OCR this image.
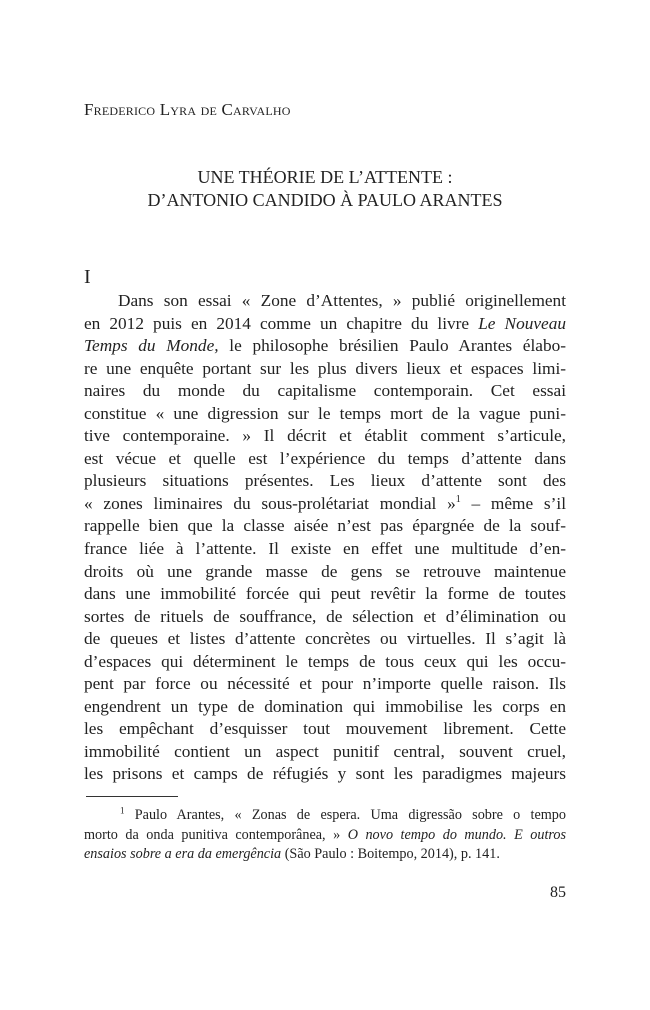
Frederico Lyra de Carvalho
UNE THÉORIE DE L’ATTENTE :
D’ANTONIO CANDIDO À PAULO ARANTES
I
Dans son essai « Zone d’Attentes, » publié originellement
en 2012 puis en 2014 comme un chapitre du livre Le Nouveau
Temps du Monde, le philosophe brésilien Paulo Arantes élabo-
re une enquête portant sur les plus divers lieux et espaces limi-
naires du monde du capitalisme contemporain. Cet essai
constitue « une digression sur le temps mort de la vague puni-
tive contemporaine. » Il décrit et établit comment s’articule,
est vécue et quelle est l’expérience du temps d’attente dans
plusieurs situations présentes. Les lieux d’attente sont des
« zones liminaires du sous-prolétariat mondial »$^1$ – même s’il
rappelle bien que la classe aisée n’est pas épargnée de la souf-
france liée à l’attente. Il existe en effet une multitude d’en-
droits où une grande masse de gens se retrouve maintenue
dans une immobilité forcée qui peut revêtir la forme de toutes
sortes de rituels de souffrance, de sélection et d’élimination ou
de queues et listes d’attente concrètes ou virtuelles. Il s’agit là
d’espaces qui déterminent le temps de tous ceux qui les occu-
pent par force ou nécessité et pour n’importe quelle raison. Ils
engendrent un type de domination qui immobilise les corps en
les empêchant d’esquisser tout mouvement librement. Cette
immobilité contient un aspect punitif central, souvent cruel,
les prisons et camps de réfugiés y sont les paradigmes majeurs
$^1$ Paulo Arantes, « Zonas de espera. Uma digressão sobre o tempo
morto da onda punitiva contemporânea, » O novo tempo do mundo. E outros
ensaios sobre a era da emergência (São Paulo : Boitempo, 2014), p. 141.
85
